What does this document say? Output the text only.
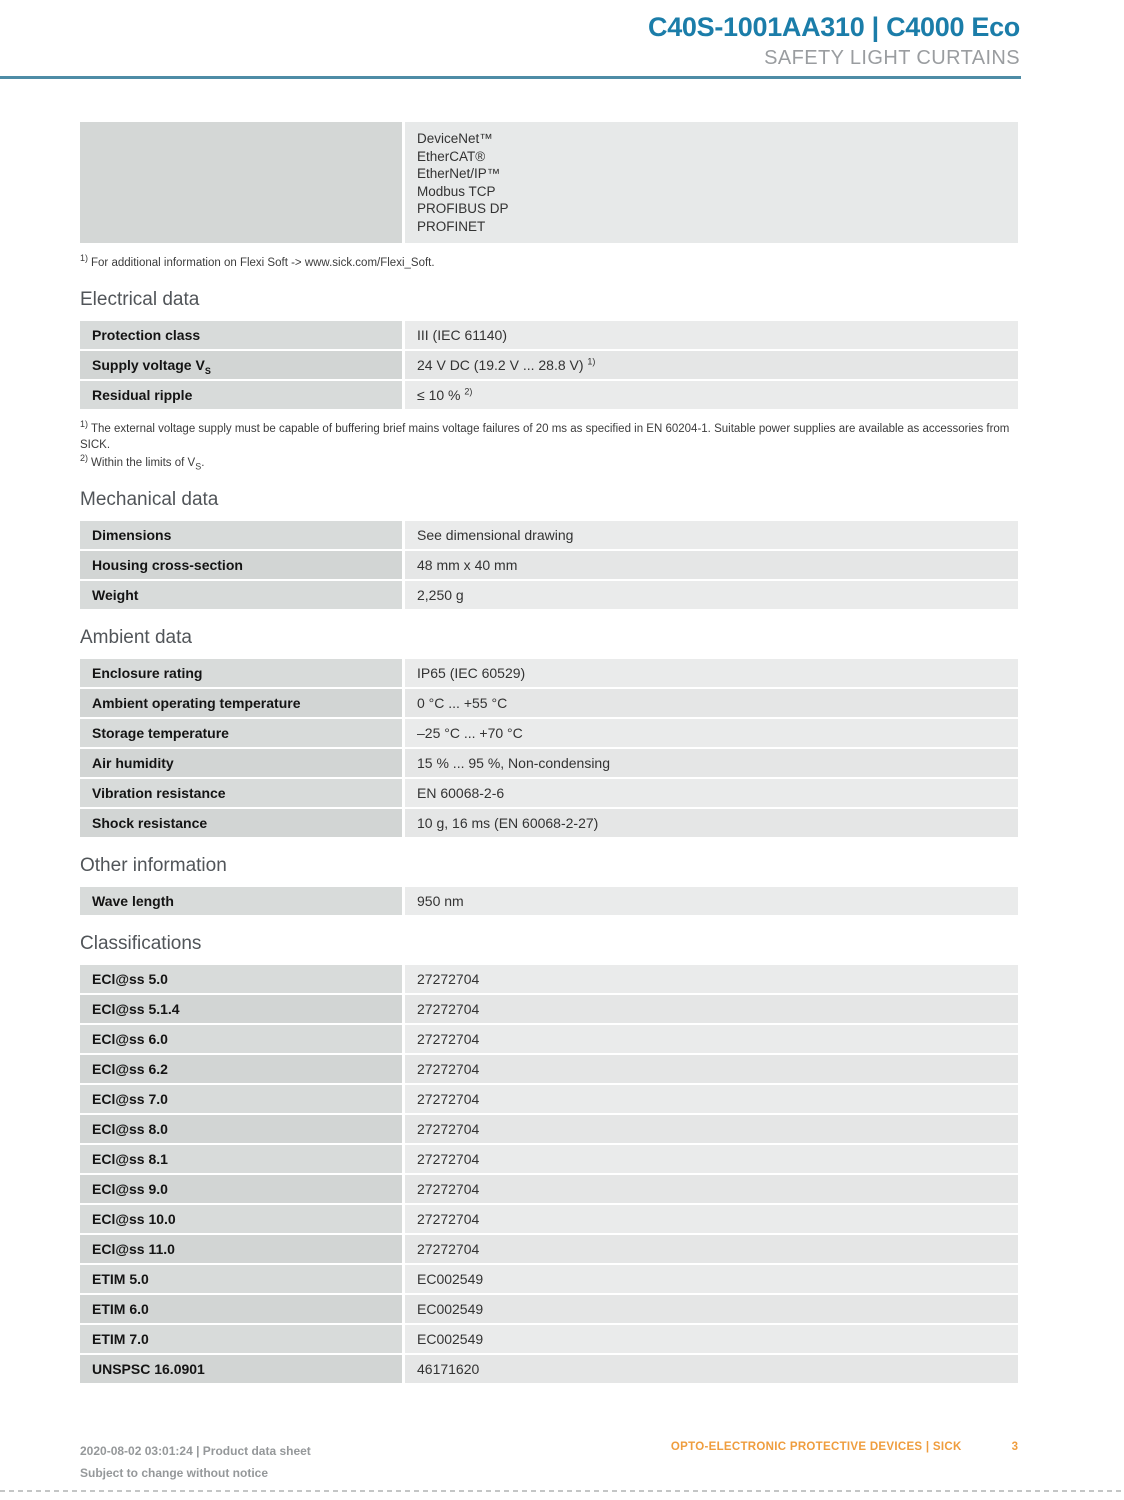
C40S-1001AA310 | C4000 Eco
SAFETY LIGHT CURTAINS
DeviceNet™
EtherCAT®
EtherNet/IP™
Modbus TCP
PROFIBUS DP
PROFINET
$^{1)}$ For additional information on Flexi Soft -> www.sick.com/Flexi_Soft.
Electrical data
Protection class	III (IEC 61140)
Supply voltage $V_S$	24 V DC (19.2 V ... 28.8 V) $^{1)}$
Residual ripple	≤ 10 % $^{2)}$
$^{1)}$ The external voltage supply must be capable of buffering brief mains voltage failures of 20 ms as specified in EN 60204-1. Suitable power supplies are available as accessories from SICK.
$^{2)}$ Within the limits of $V_S$.
Mechanical data
Dimensions	See dimensional drawing
Housing cross-section	48 mm x 40 mm
Weight	2,250 g
Ambient data
Enclosure rating	IP65 (IEC 60529)
Ambient operating temperature	0 °C ... +55 °C
Storage temperature	–25 °C ... +70 °C
Air humidity	15 % ... 95 %, Non-condensing
Vibration resistance	EN 60068-2-6
Shock resistance	10 g, 16 ms (EN 60068-2-27)
Other information
Wave length	950 nm
Classifications
ECl@ss 5.0	27272704
ECl@ss 5.1.4	27272704
ECl@ss 6.0	27272704
ECl@ss 6.2	27272704
ECl@ss 7.0	27272704
ECl@ss 8.0	27272704
ECl@ss 8.1	27272704
ECl@ss 9.0	27272704
ECl@ss 10.0	27272704
ECl@ss 11.0	27272704
ETIM 5.0	EC002549
ETIM 6.0	EC002549
ETIM 7.0	EC002549
UNSPSC 16.0901	46171620
2020-08-02 03:01:24 | Product data sheet
Subject to change without notice
OPTO-ELECTRONIC PROTECTIVE DEVICES | SICK	3
